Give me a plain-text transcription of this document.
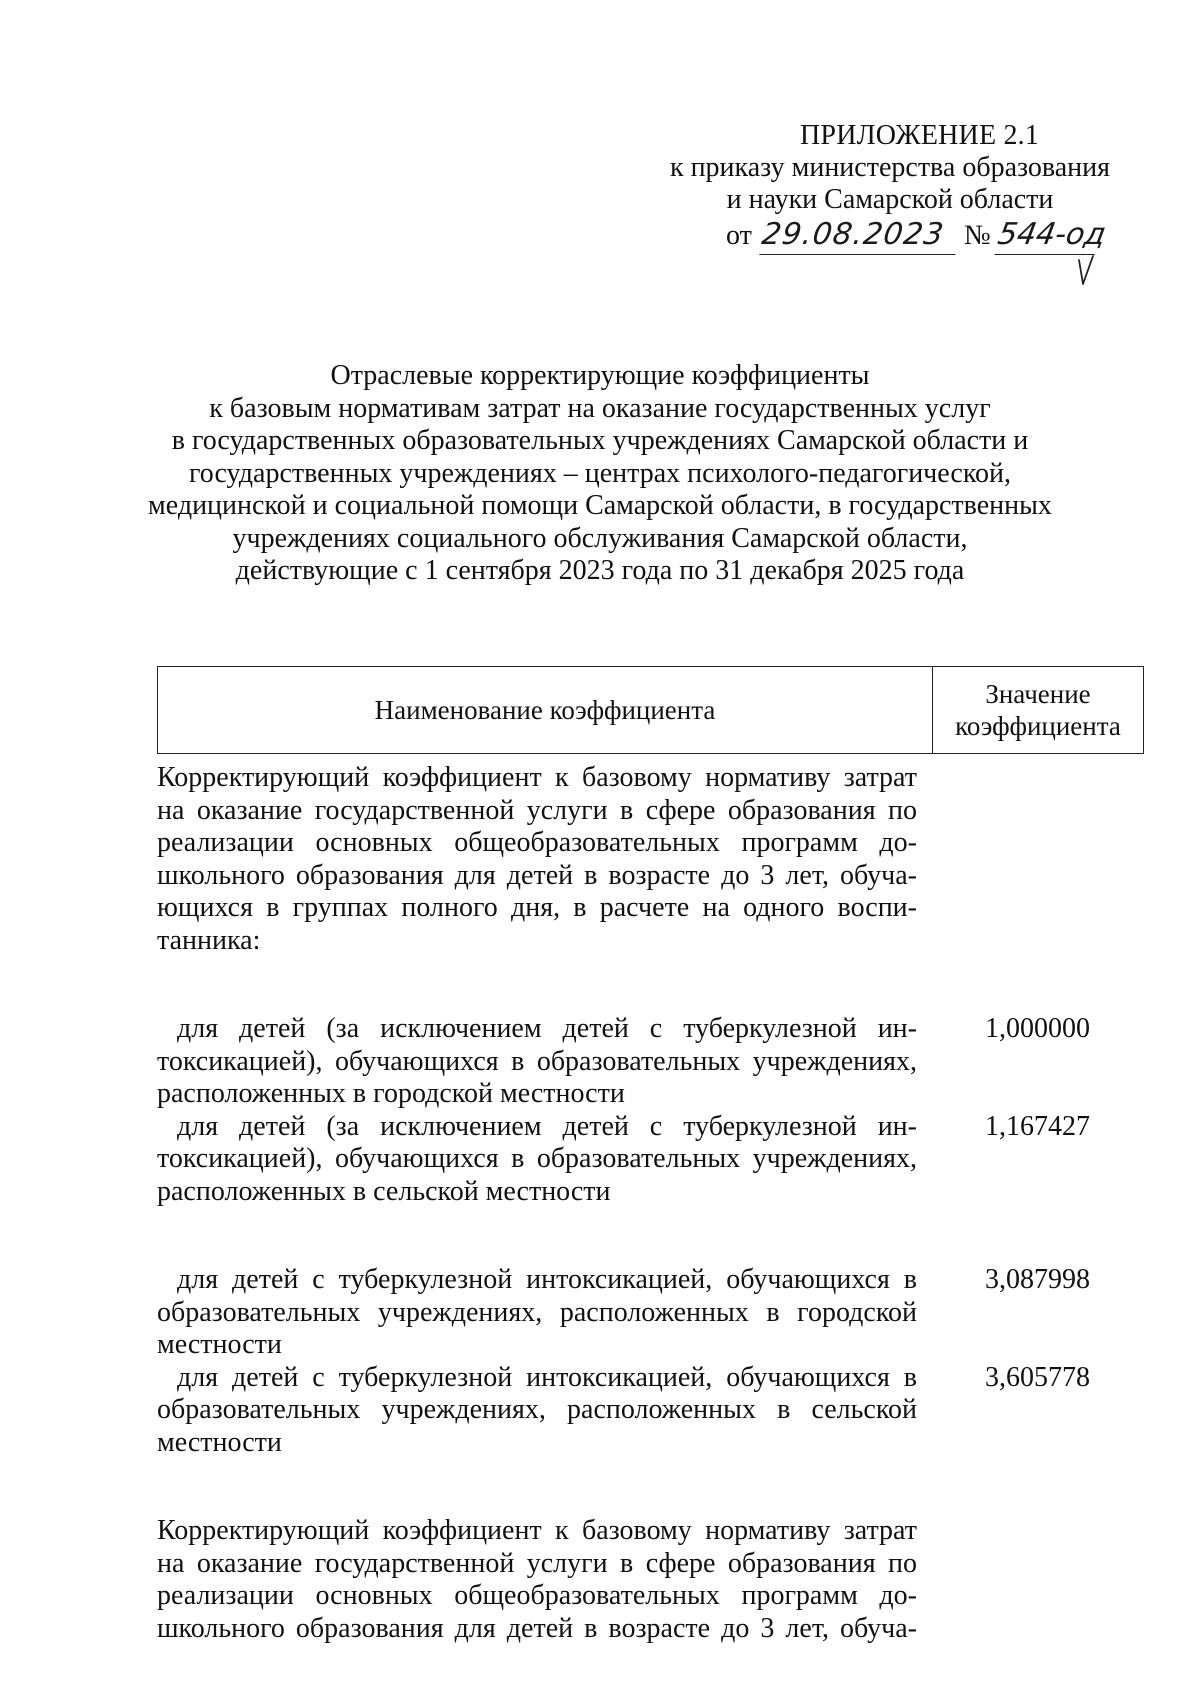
ПРИЛОЖЕНИЕ 2.1
к приказу министерства образования
и науки Самарской области
от 29.08.2023 № 544-од
Отраслевые корректирующие коэффициенты
к базовым нормативам затрат на оказание государственных услуг
в государственных образовательных учреждениях Самарской области и
государственных учреждениях – центрах психолого-педагогической,
медицинской и социальной помощи Самарской области, в государственных
учреждениях социального обслуживания Самарской области,
действующие с 1 сентября 2023 года по 31 декабря 2025 года
Наименование коэффициента
Значение
коэффициента
Корректирующий коэффициент к базовому нормативу затрат
на оказание государственной услуги в сфере образования по
реализации основных общеобразовательных программ до-
школьного образования для детей в возрасте до 3 лет, обуча-
ющихся в группах полного дня, в расчете на одного воспи-
танника:
для детей (за исключением детей с туберкулезной ин-
токсикацией), обучающихся в образовательных учреждениях,
расположенных в городской местности
1,000000
для детей (за исключением детей с туберкулезной ин-
токсикацией), обучающихся в образовательных учреждениях,
расположенных в сельской местности
1,167427
для детей с туберкулезной интоксикацией, обучающихся в
образовательных учреждениях, расположенных в городской
местности
3,087998
для детей с туберкулезной интоксикацией, обучающихся в
образовательных учреждениях, расположенных в сельской
местности
3,605778
Корректирующий коэффициент к базовому нормативу затрат
на оказание государственной услуги в сфере образования по
реализации основных общеобразовательных программ до-
школьного образования для детей в возрасте до 3 лет, обуча-
